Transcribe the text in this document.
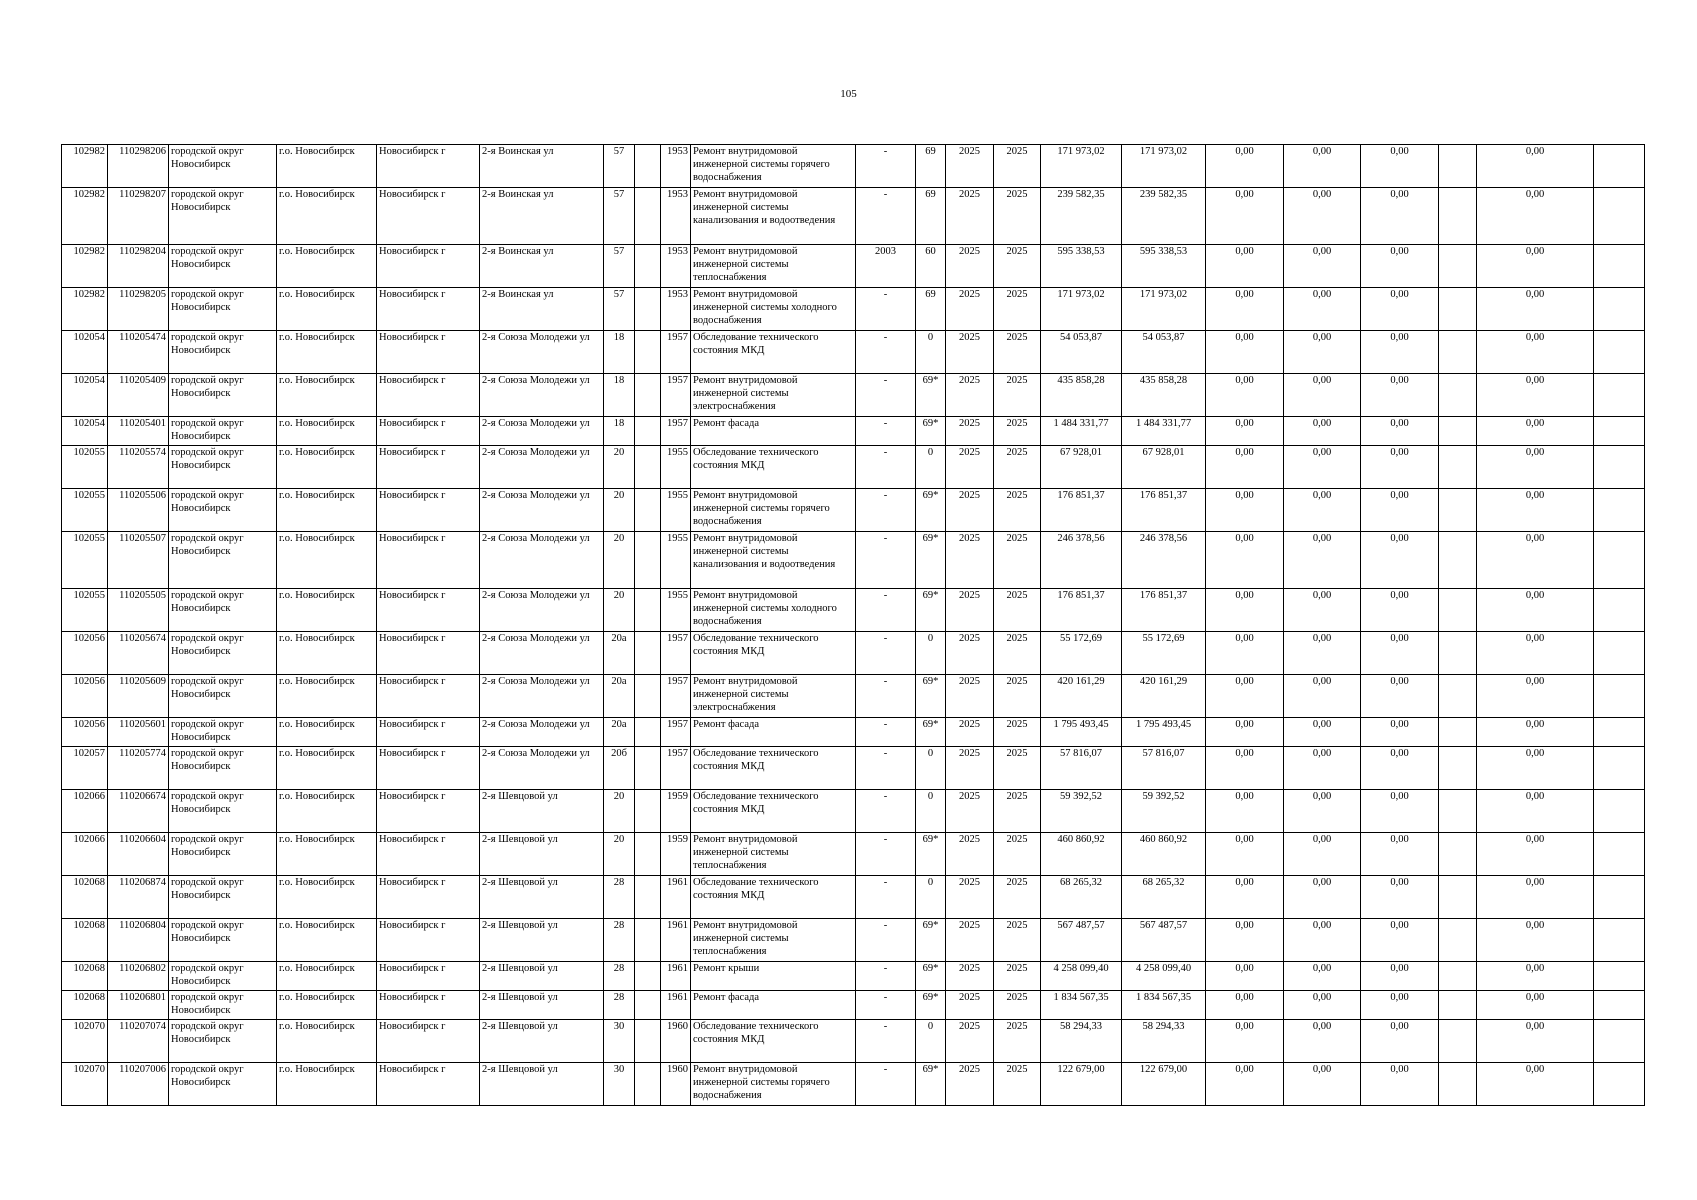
105
102982	110298206	городской округ Новосибирск	г.о. Новосибирск	Новосибирск г	2-я Воинская ул	57		1953	Ремонт внутридомовой инженерной системы горячего водоснабжения	-	69	2025	2025	171 973,02	171 973,02	0,00	0,00	0,00		0,00	
102982	110298207	городской округ Новосибирск	г.о. Новосибирск	Новосибирск г	2-я Воинская ул	57		1953	Ремонт внутридомовой инженерной системы канализования и водоотведения	-	69	2025	2025	239 582,35	239 582,35	0,00	0,00	0,00		0,00	
102982	110298204	городской округ Новосибирск	г.о. Новосибирск	Новосибирск г	2-я Воинская ул	57		1953	Ремонт внутридомовой инженерной системы теплоснабжения	2003	60	2025	2025	595 338,53	595 338,53	0,00	0,00	0,00		0,00	
102982	110298205	городской округ Новосибирск	г.о. Новосибирск	Новосибирск г	2-я Воинская ул	57		1953	Ремонт внутридомовой инженерной системы холодного водоснабжения	-	69	2025	2025	171 973,02	171 973,02	0,00	0,00	0,00		0,00	
102054	110205474	городской округ Новосибирск	г.о. Новосибирск	Новосибирск г	2-я Союза Молодежи ул	18		1957	Обследование технического состояния МКД	-	0	2025	2025	54 053,87	54 053,87	0,00	0,00	0,00		0,00	
102054	110205409	городской округ Новосибирск	г.о. Новосибирск	Новосибирск г	2-я Союза Молодежи ул	18		1957	Ремонт внутридомовой инженерной системы электроснабжения	-	69*	2025	2025	435 858,28	435 858,28	0,00	0,00	0,00		0,00	
102054	110205401	городской округ Новосибирск	г.о. Новосибирск	Новосибирск г	2-я Союза Молодежи ул	18		1957	Ремонт фасада	-	69*	2025	2025	1 484 331,77	1 484 331,77	0,00	0,00	0,00		0,00	
102055	110205574	городской округ Новосибирск	г.о. Новосибирск	Новосибирск г	2-я Союза Молодежи ул	20		1955	Обследование технического состояния МКД	-	0	2025	2025	67 928,01	67 928,01	0,00	0,00	0,00		0,00	
102055	110205506	городской округ Новосибирск	г.о. Новосибирск	Новосибирск г	2-я Союза Молодежи ул	20		1955	Ремонт внутридомовой инженерной системы горячего водоснабжения	-	69*	2025	2025	176 851,37	176 851,37	0,00	0,00	0,00		0,00	
102055	110205507	городской округ Новосибирск	г.о. Новосибирск	Новосибирск г	2-я Союза Молодежи ул	20		1955	Ремонт внутридомовой инженерной системы канализования и водоотведения	-	69*	2025	2025	246 378,56	246 378,56	0,00	0,00	0,00		0,00	
102055	110205505	городской округ Новосибирск	г.о. Новосибирск	Новосибирск г	2-я Союза Молодежи ул	20		1955	Ремонт внутридомовой инженерной системы холодного водоснабжения	-	69*	2025	2025	176 851,37	176 851,37	0,00	0,00	0,00		0,00	
102056	110205674	городской округ Новосибирск	г.о. Новосибирск	Новосибирск г	2-я Союза Молодежи ул	20а		1957	Обследование технического состояния МКД	-	0	2025	2025	55 172,69	55 172,69	0,00	0,00	0,00		0,00	
102056	110205609	городской округ Новосибирск	г.о. Новосибирск	Новосибирск г	2-я Союза Молодежи ул	20а		1957	Ремонт внутридомовой инженерной системы электроснабжения	-	69*	2025	2025	420 161,29	420 161,29	0,00	0,00	0,00		0,00	
102056	110205601	городской округ Новосибирск	г.о. Новосибирск	Новосибирск г	2-я Союза Молодежи ул	20а		1957	Ремонт фасада	-	69*	2025	2025	1 795 493,45	1 795 493,45	0,00	0,00	0,00		0,00	
102057	110205774	городской округ Новосибирск	г.о. Новосибирск	Новосибирск г	2-я Союза Молодежи ул	20б		1957	Обследование технического состояния МКД	-	0	2025	2025	57 816,07	57 816,07	0,00	0,00	0,00		0,00	
102066	110206674	городской округ Новосибирск	г.о. Новосибирск	Новосибирск г	2-я Шевцовой ул	20		1959	Обследование технического состояния МКД	-	0	2025	2025	59 392,52	59 392,52	0,00	0,00	0,00		0,00	
102066	110206604	городской округ Новосибирск	г.о. Новосибирск	Новосибирск г	2-я Шевцовой ул	20		1959	Ремонт внутридомовой инженерной системы теплоснабжения	-	69*	2025	2025	460 860,92	460 860,92	0,00	0,00	0,00		0,00	
102068	110206874	городской округ Новосибирск	г.о. Новосибирск	Новосибирск г	2-я Шевцовой ул	28		1961	Обследование технического состояния МКД	-	0	2025	2025	68 265,32	68 265,32	0,00	0,00	0,00		0,00	
102068	110206804	городской округ Новосибирск	г.о. Новосибирск	Новосибирск г	2-я Шевцовой ул	28		1961	Ремонт внутридомовой инженерной системы теплоснабжения	-	69*	2025	2025	567 487,57	567 487,57	0,00	0,00	0,00		0,00	
102068	110206802	городской округ Новосибирск	г.о. Новосибирск	Новосибирск г	2-я Шевцовой ул	28		1961	Ремонт крыши	-	69*	2025	2025	4 258 099,40	4 258 099,40	0,00	0,00	0,00		0,00	
102068	110206801	городской округ Новосибирск	г.о. Новосибирск	Новосибирск г	2-я Шевцовой ул	28		1961	Ремонт фасада	-	69*	2025	2025	1 834 567,35	1 834 567,35	0,00	0,00	0,00		0,00	
102070	110207074	городской округ Новосибирск	г.о. Новосибирск	Новосибирск г	2-я Шевцовой ул	30		1960	Обследование технического состояния МКД	-	0	2025	2025	58 294,33	58 294,33	0,00	0,00	0,00		0,00	
102070	110207006	городской округ Новосибирск	г.о. Новосибирск	Новосибирск г	2-я Шевцовой ул	30		1960	Ремонт внутридомовой инженерной системы горячего водоснабжения	-	69*	2025	2025	122 679,00	122 679,00	0,00	0,00	0,00		0,00	
